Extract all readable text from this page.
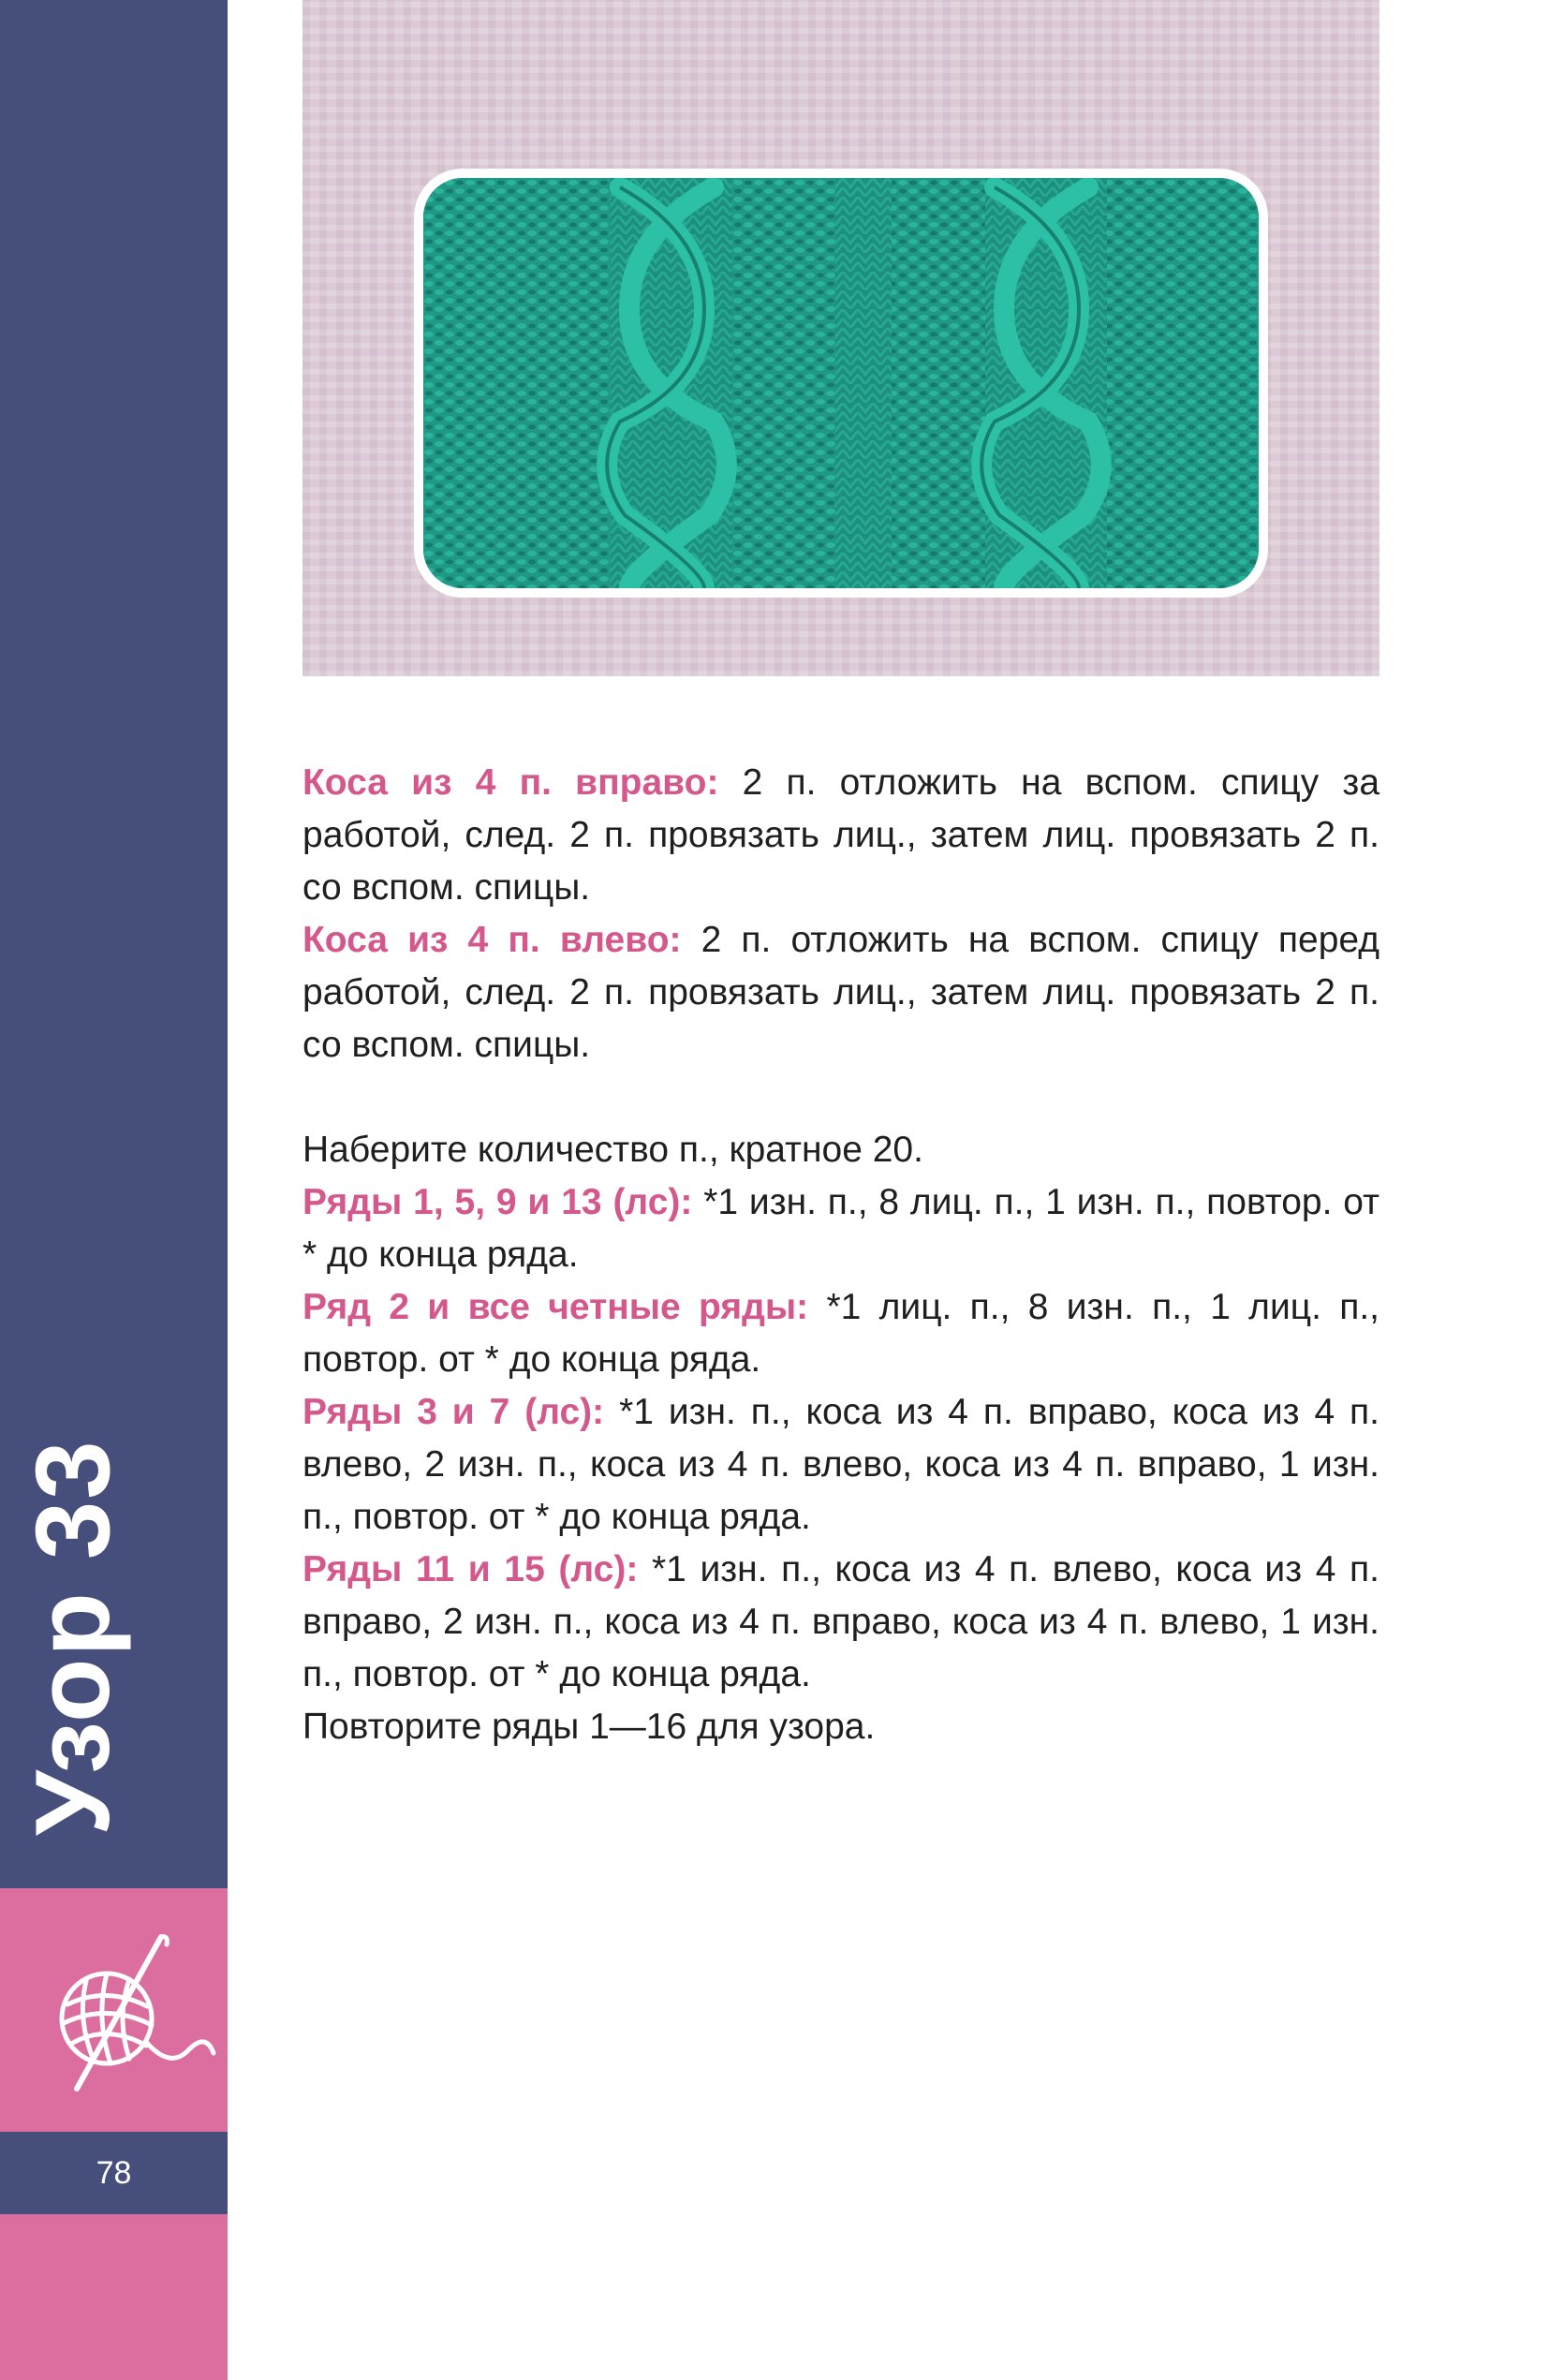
Узор 33
78

Коса из 4 п. вправо: 2 п. отложить на вспом. спицу за работой, след. 2 п. провязать лиц., затем лиц. провязать 2 п. со вспом. спицы.

Коса из 4 п. влево: 2 п. отложить на вспом. спицу перед работой, след. 2 п. провязать лиц., затем лиц. провязать 2 п. со вспом. спицы.

Наберите количество п., кратное 20.

Ряды 1, 5, 9 и 13 (лс): *1 изн. п., 8 лиц. п., 1 изн. п., повтор. от * до конца ряда.

Ряд 2 и все четные ряды: *1 лиц. п., 8 изн. п., 1 лиц. п., повтор. от * до конца ряда.

Ряды 3 и 7 (лс): *1 изн. п., коса из 4 п. вправо, коса из 4 п. влево, 2 изн. п., коса из 4 п. влево, коса из 4 п. вправо, 1 изн. п., повтор. от * до конца ряда.

Ряды 11 и 15 (лс): *1 изн. п., коса из 4 п. влево, коса из 4 п. вправо, 2 изн. п., коса из 4 п. вправо, коса из 4 п. влево, 1 изн. п., повтор. от * до конца ряда.

Повторите ряды 1—16 для узора.
